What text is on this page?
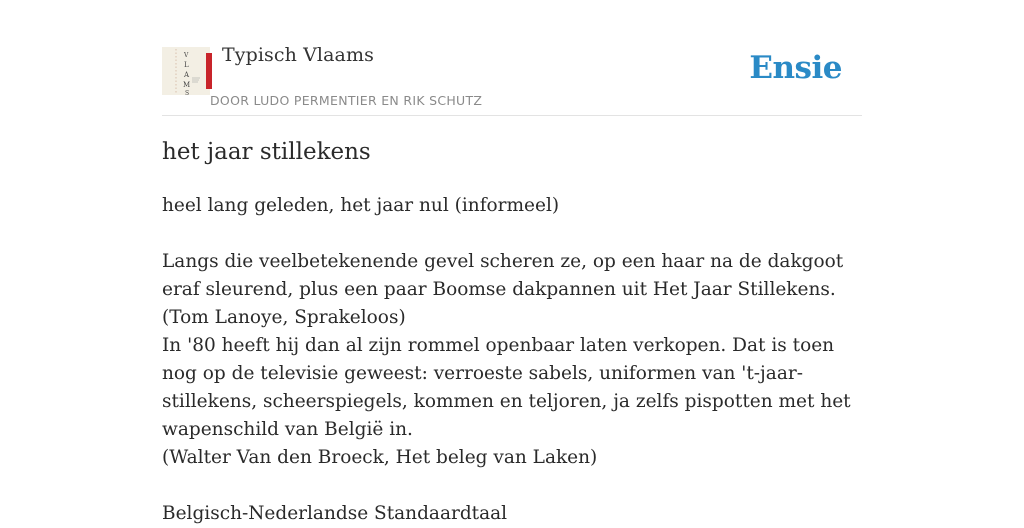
V
L
A
M
S
Typisch Vlaams
DOOR LUDO PERMENTIER EN RIK SCHUTZ
Ensie
het jaar stillekens

heel lang geleden, het jaar nul (informeel)

Langs die veelbetekenende gevel scheren ze, op een haar na de dakgoot eraf sleurend, plus een paar Boomse dakpannen uit Het Jaar Stillekens.

(Tom Lanoye, Sprakeloos)

In '80 heeft hij dan al zijn rommel openbaar laten verkopen. Dat is toen nog op de televisie geweest: verroeste sabels, uniformen van 't-jaar-stillekens, scheerspiegels, kommen en teljoren, ja zelfs pispotten met het wapenschild van België in.

(Walter Van den Broeck, Het beleg van Laken)

Belgisch-Nederlandse Standaardtaal
